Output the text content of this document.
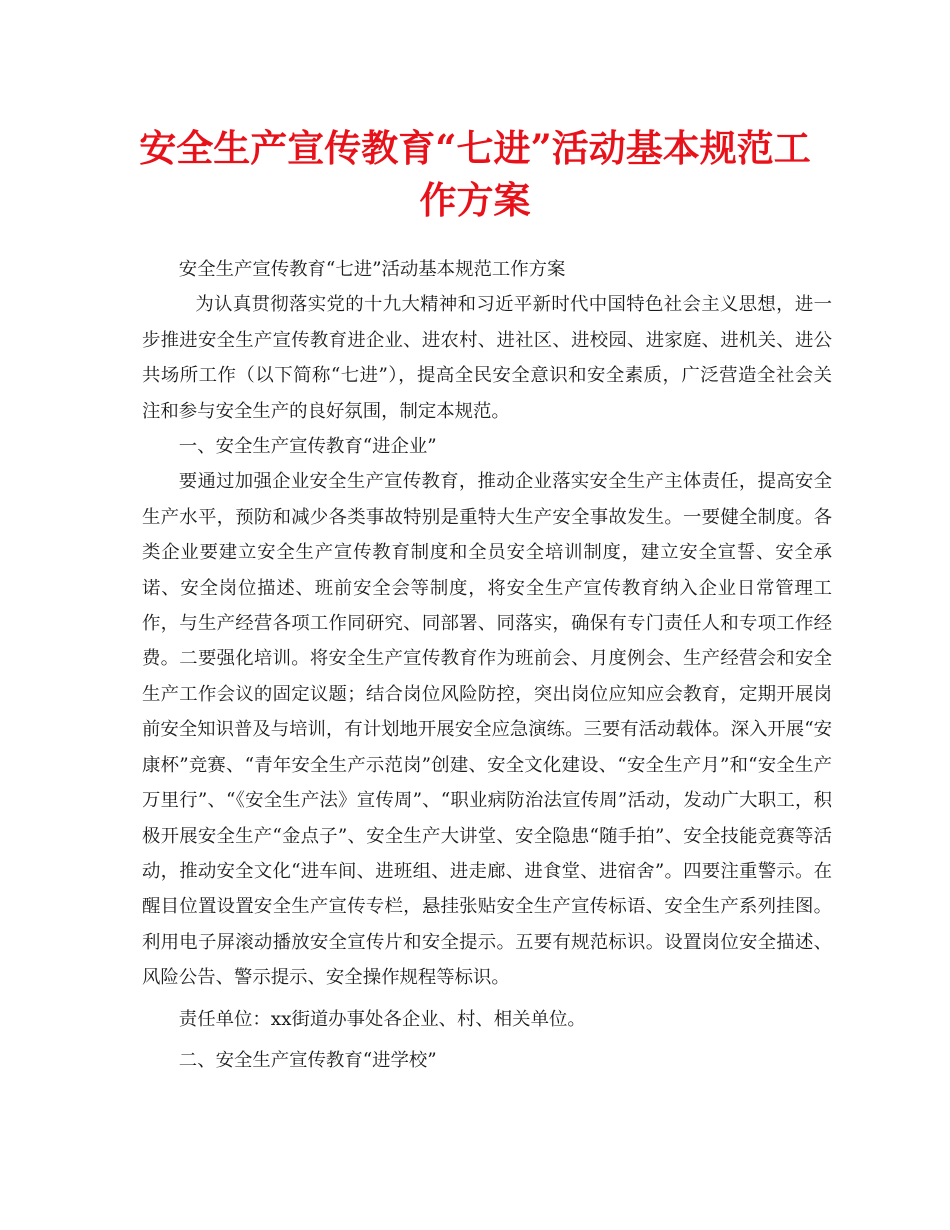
安全生产宣传教育“七进”活动基本规范工
作方案

安全生产宣传教育“七进”活动基本规范工作方案

为认真贯彻落实党的十九大精神和习近平新时代中国特色社会主义思想，进一步推进安全生产宣传教育进企业、进农村、进社区、进校园、进家庭、进机关、进公共场所工作（以下简称“七进”），提高全民安全意识和安全素质，广泛营造全社会关注和参与安全生产的良好氛围，制定本规范。

一、安全生产宣传教育“进企业”

要通过加强企业安全生产宣传教育，推动企业落实安全生产主体责任，提高安全生产水平，预防和减少各类事故特别是重特大生产安全事故发生。一要健全制度。各类企业要建立安全生产宣传教育制度和全员安全培训制度，建立安全宣誓、安全承诺、安全岗位描述、班前安全会等制度，将安全生产宣传教育纳入企业日常管理工作，与生产经营各项工作同研究、同部署、同落实，确保有专门责任人和专项工作经费。二要强化培训。将安全生产宣传教育作为班前会、月度例会、生产经营会和安全生产工作会议的固定议题；结合岗位风险防控，突出岗位应知应会教育，定期开展岗前安全知识普及与培训，有计划地开展安全应急演练。三要有活动载体。深入开展“安康杯”竞赛、“青年安全生产示范岗”创建、安全文化建设、“安全生产月”和“安全生产万里行”、“《安全生产法》宣传周”、“职业病防治法宣传周”活动，发动广大职工，积极开展安全生产“金点子”、安全生产大讲堂、安全隐患“随手拍”、安全技能竞赛等活动，推动安全文化“进车间、进班组、进走廊、进食堂、进宿舍”。四要注重警示。在醒目位置设置安全生产宣传专栏，悬挂张贴安全生产宣传标语、安全生产系列挂图。利用电子屏滚动播放安全宣传片和安全提示。五要有规范标识。设置岗位安全描述、风险公告、警示提示、安全操作规程等标识。

责任单位：xx街道办事处各企业、村、相关单位。

二、安全生产宣传教育“进学校”
